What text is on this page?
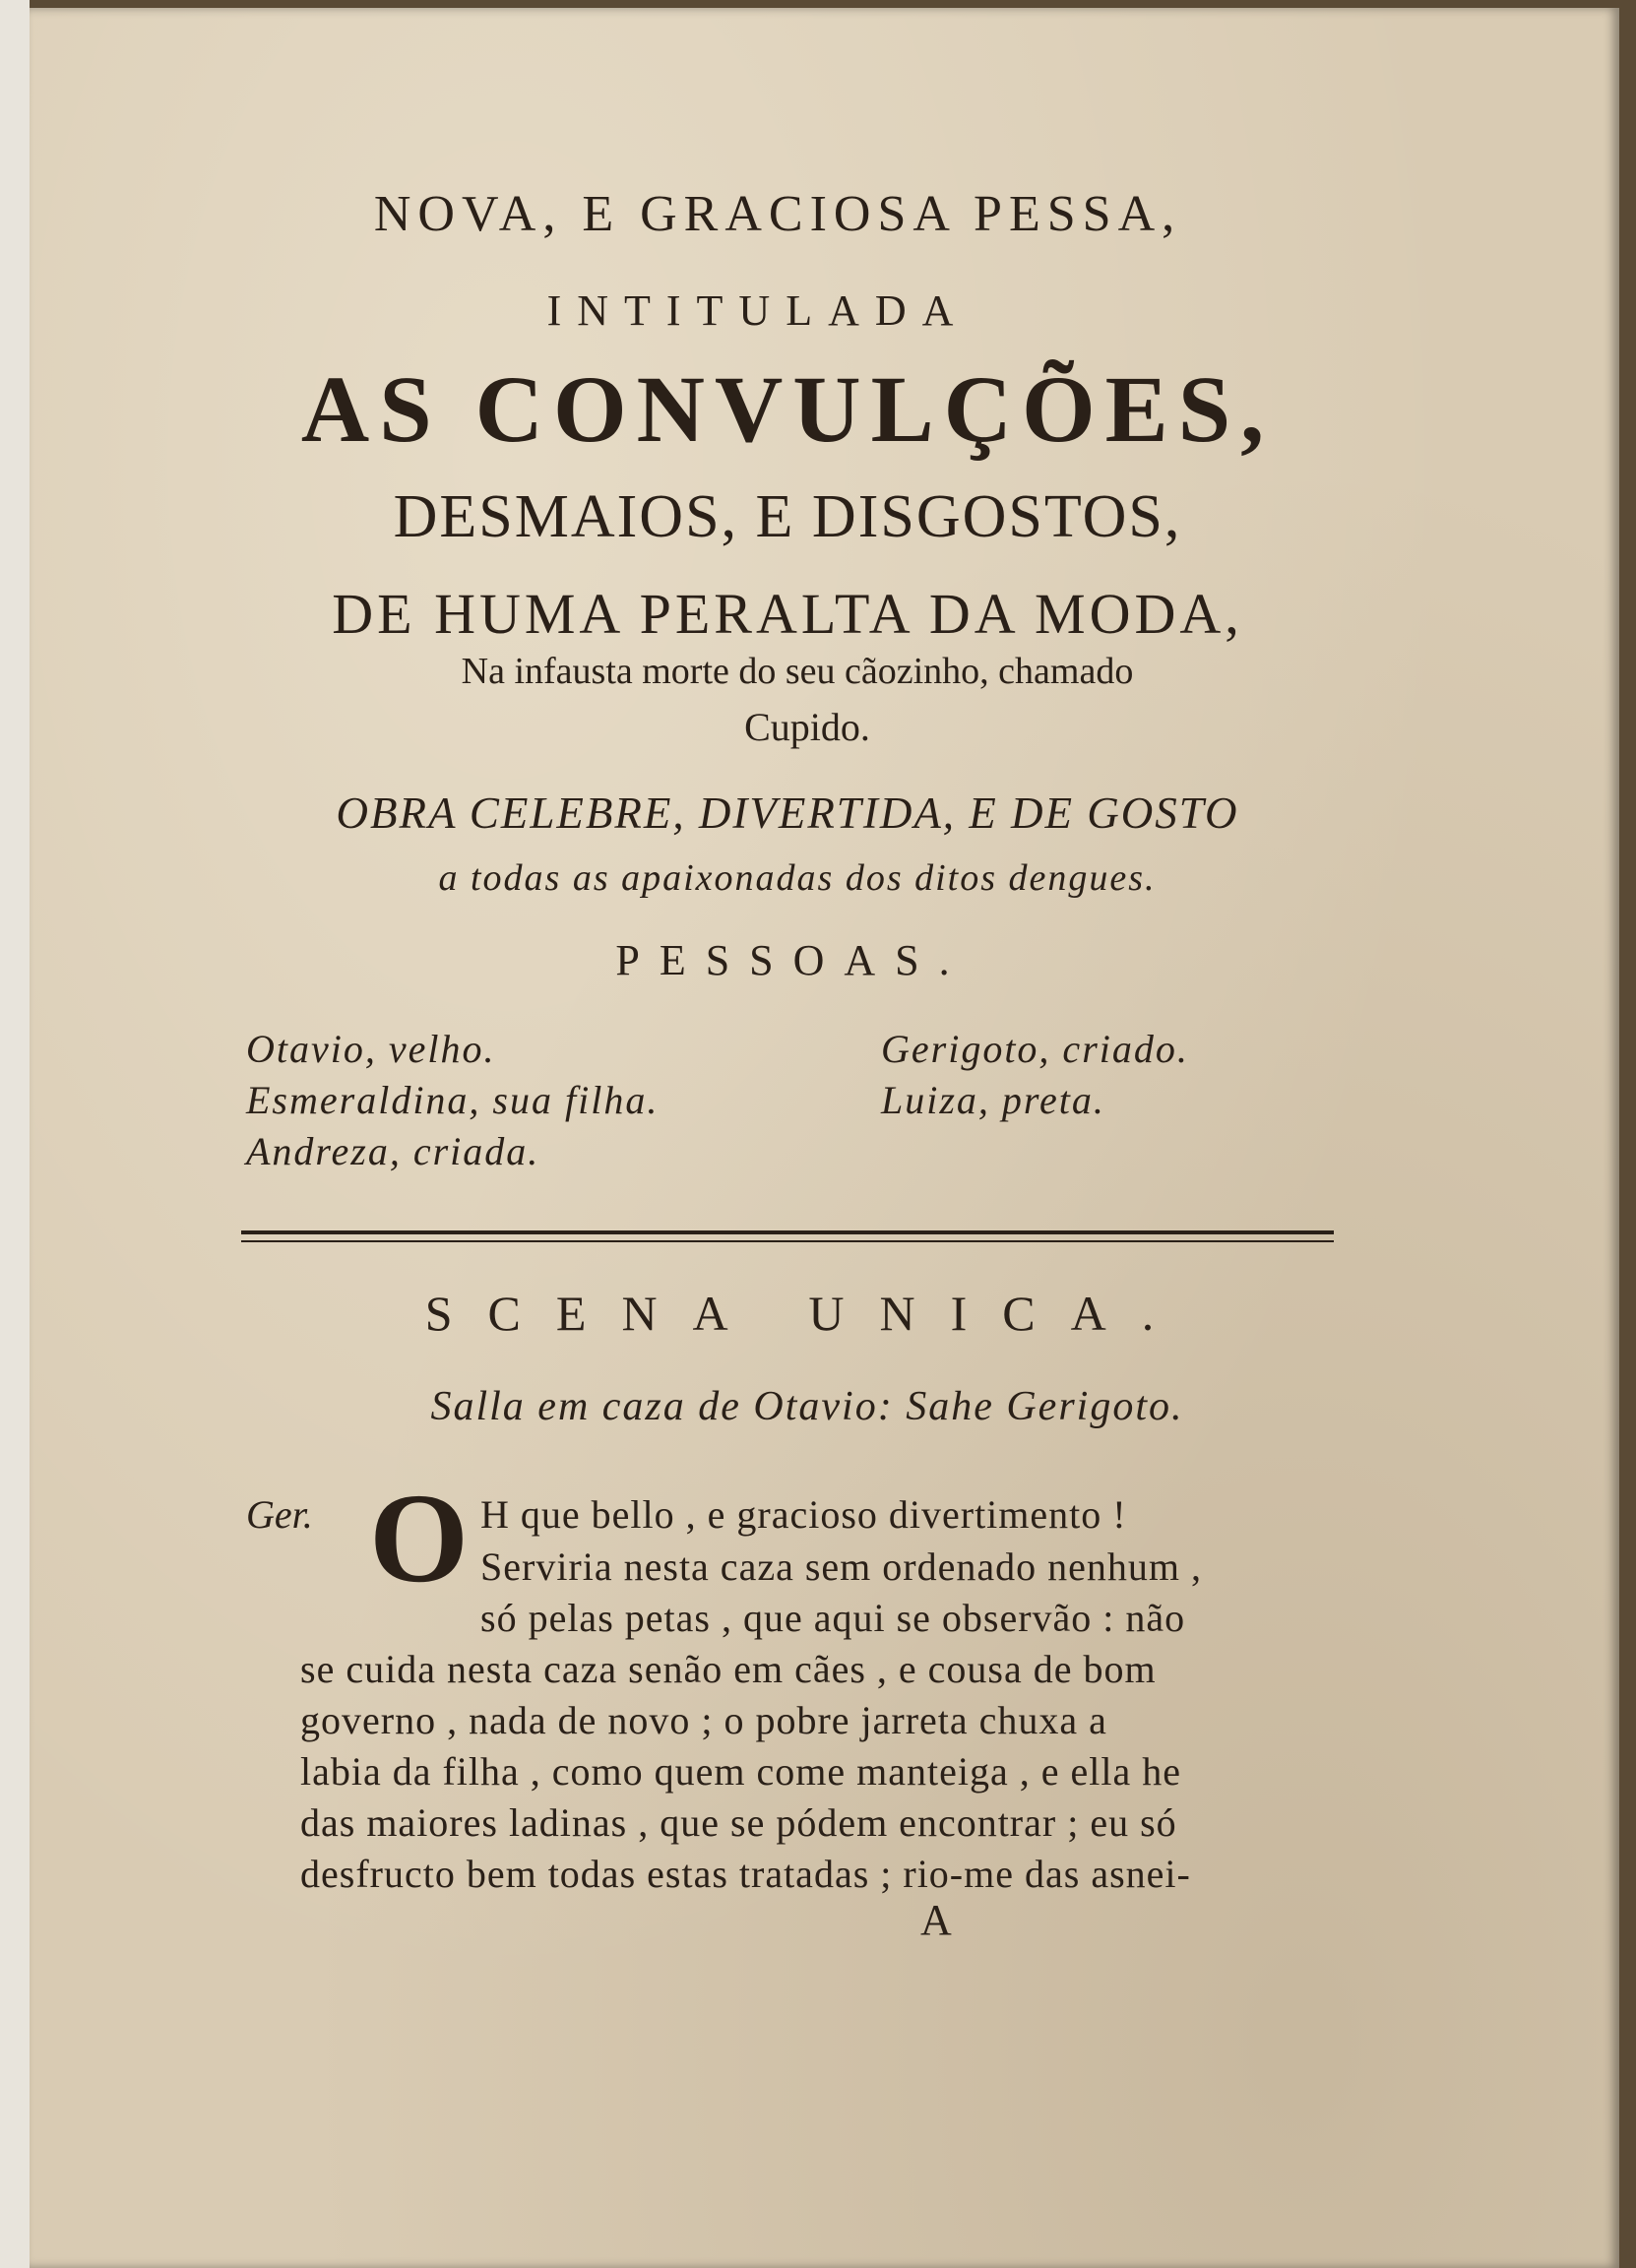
NOVA, E GRACIOSA PESSA,
INTITULADA
AS CONVULÇÕES,
DESMAIOS, E DISGOSTOS,
DE HUMA PERALTA DA MODA,
Na infausta morte do seu cãozinho, chamado
Cupido.
OBRA CELEBRE, DIVERTIDA, E DE GOSTO
a todas as apaixonadas dos ditos dengues.
PESSOAS.
Otavio, velho.
Esmeraldina, sua filha.
Andreza, criada.
Gerigoto, criado.
Luiza, preta.
SCENA UNICA.
Salla em caza de Otavio: Sahe Gerigoto.
Ger. O H que bello , e gracioso divertimento !
Serviria nesta caza sem ordenado nenhum ,
só pelas petas , que aqui se observão : não
se cuida nesta caza senão em cães , e cousa de bom
governo , nada de novo ; o pobre jarreta chuxa a
labia da filha , como quem come manteiga , e ella he
das maiores ladinas , que se pódem encontrar ; eu só
desfructo bem todas estas tratadas ; rio-me das asnei-
A
